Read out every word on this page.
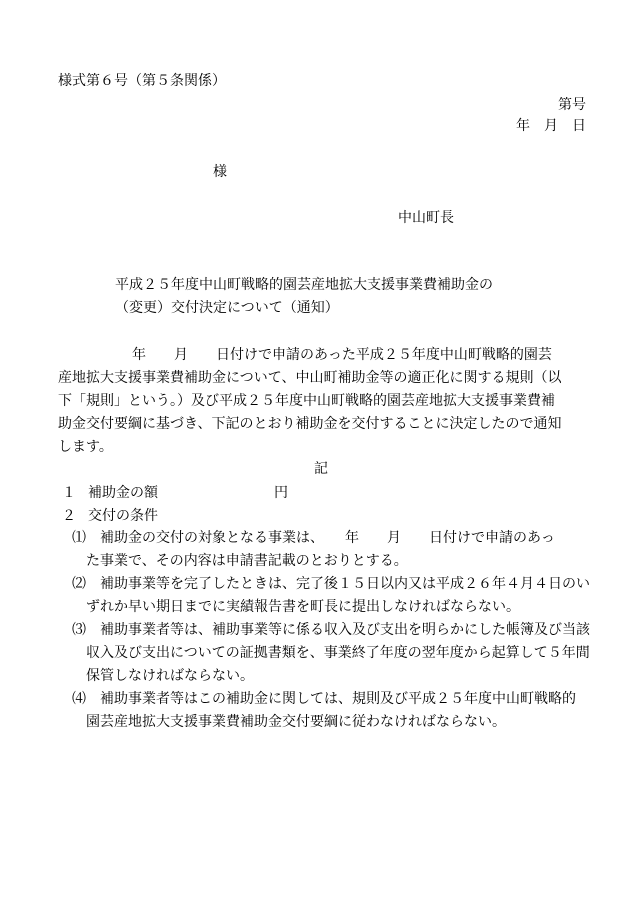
様式第６号（第５条関係）
第号
年　月　日
様
中山町長
平成２５年度中山町戦略的園芸産地拡大支援事業費補助金の
（変更）交付決定について（通知）
年　　月　　日付けで申請のあった平成２５年度中山町戦略的園芸
産地拡大支援事業費補助金について、中山町補助金等の適正化に関する規則（以
下「規則」という。）及び平成２５年度中山町戦略的園芸産地拡大支援事業費補
助金交付要綱に基づき、下記のとおり補助金を交付することに決定したので通知
します。
記
１ 補助金の額	円
２ 交付の条件
⑴ 補助金の交付の対象となる事業は、　　年　　月　　日付けで申請のあっ
た事業で、その内容は申請書記載のとおりとする。
⑵ 補助事業等を完了したときは、完了後１５日以内又は平成２６年４月４日のい
ずれか早い期日までに実績報告書を町長に提出しなければならない。
⑶ 補助事業者等は、補助事業等に係る収入及び支出を明らかにした帳簿及び当該
収入及び支出についての証拠書類を、事業終了年度の翌年度から起算して５年間
保管しなければならない。
⑷ 補助事業者等はこの補助金に関しては、規則及び平成２５年度中山町戦略的
園芸産地拡大支援事業費補助金交付要綱に従わなければならない。
